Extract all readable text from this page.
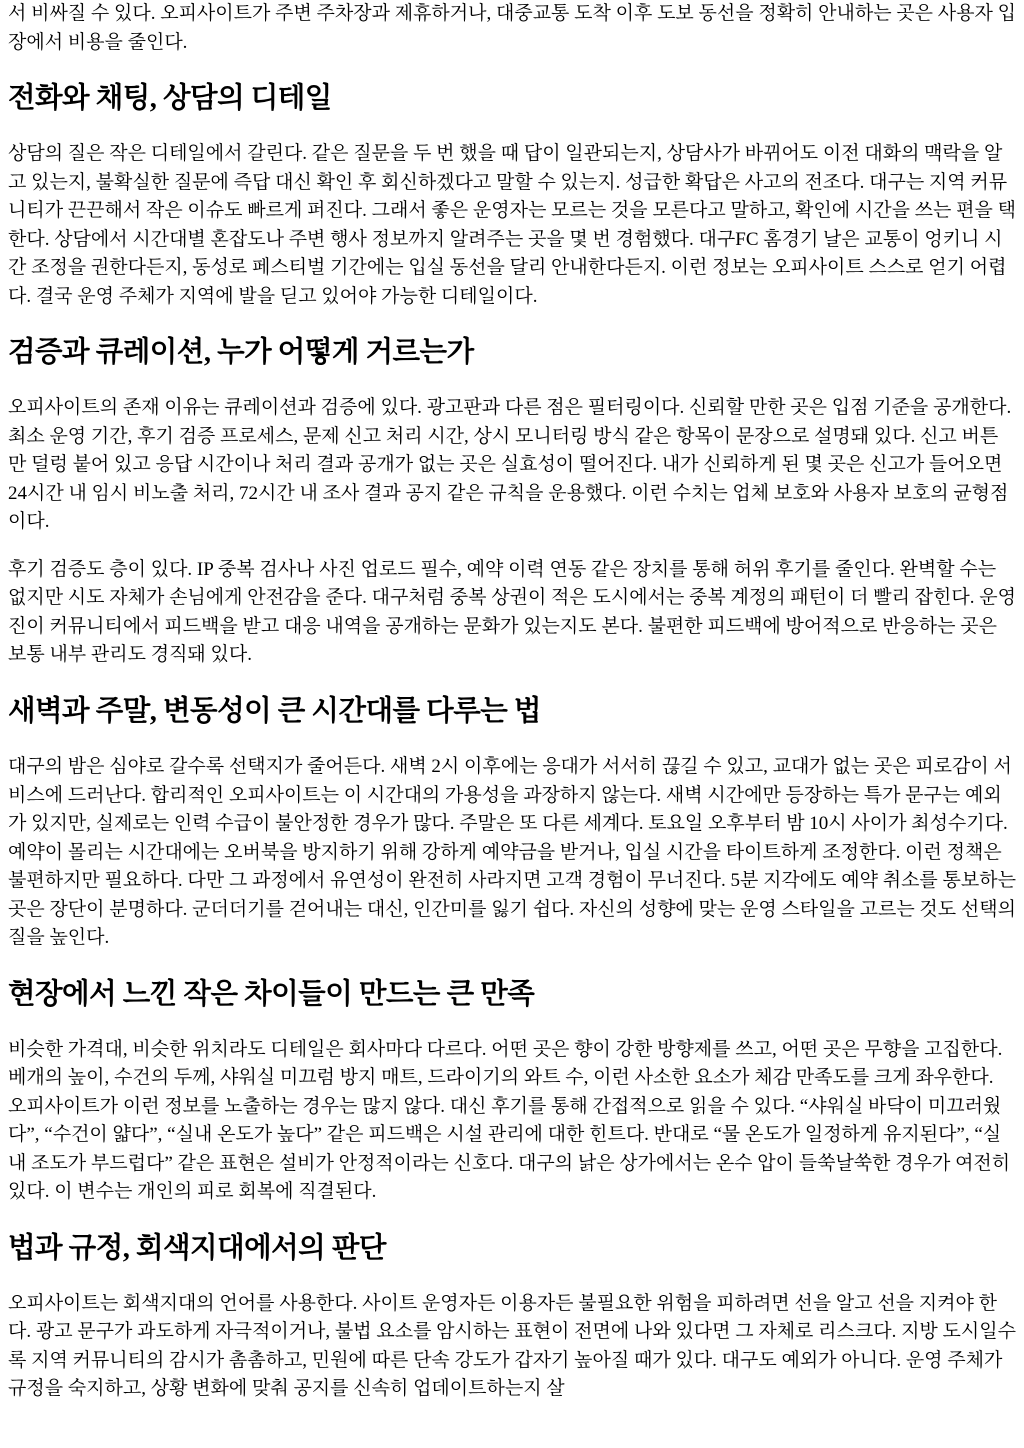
서 비싸질 수 있다. 오피사이트가 주변 주차장과 제휴하거나, 대중교통 도착 이후 도보 동선을 정확히 안내하는 곳은 사용자 입장에서 비용을 줄인다.

전화와 채팅, 상담의 디테일

상담의 질은 작은 디테일에서 갈린다. 같은 질문을 두 번 했을 때 답이 일관되는지, 상담사가 바뀌어도 이전 대화의 맥락을 알고 있는지, 불확실한 질문에 즉답 대신 확인 후 회신하겠다고 말할 수 있는지. 성급한 확답은 사고의 전조다. 대구는 지역 커뮤니티가 끈끈해서 작은 이슈도 빠르게 퍼진다. 그래서 좋은 운영자는 모르는 것을 모른다고 말하고, 확인에 시간을 쓰는 편을 택한다. 상담에서 시간대별 혼잡도나 주변 행사 정보까지 알려주는 곳을 몇 번 경험했다. 대구FC 홈경기 날은 교통이 엉키니 시간 조정을 권한다든지, 동성로 페스티벌 기간에는 입실 동선을 달리 안내한다든지. 이런 정보는 오피사이트 스스로 얻기 어렵다. 결국 운영 주체가 지역에 발을 딛고 있어야 가능한 디테일이다.

검증과 큐레이션, 누가 어떻게 거르는가

오피사이트의 존재 이유는 큐레이션과 검증에 있다. 광고판과 다른 점은 필터링이다. 신뢰할 만한 곳은 입점 기준을 공개한다. 최소 운영 기간, 후기 검증 프로세스, 문제 신고 처리 시간, 상시 모니터링 방식 같은 항목이 문장으로 설명돼 있다. 신고 버튼만 덜렁 붙어 있고 응답 시간이나 처리 결과 공개가 없는 곳은 실효성이 떨어진다. 내가 신뢰하게 된 몇 곳은 신고가 들어오면 24시간 내 임시 비노출 처리, 72시간 내 조사 결과 공지 같은 규칙을 운용했다. 이런 수치는 업체 보호와 사용자 보호의 균형점이다.

후기 검증도 층이 있다. IP 중복 검사나 사진 업로드 필수, 예약 이력 연동 같은 장치를 통해 허위 후기를 줄인다. 완벽할 수는 없지만 시도 자체가 손님에게 안전감을 준다. 대구처럼 중복 상권이 적은 도시에서는 중복 계정의 패턴이 더 빨리 잡힌다. 운영진이 커뮤니티에서 피드백을 받고 대응 내역을 공개하는 문화가 있는지도 본다. 불편한 피드백에 방어적으로 반응하는 곳은 보통 내부 관리도 경직돼 있다.

새벽과 주말, 변동성이 큰 시간대를 다루는 법

대구의 밤은 심야로 갈수록 선택지가 줄어든다. 새벽 2시 이후에는 응대가 서서히 끊길 수 있고, 교대가 없는 곳은 피로감이 서비스에 드러난다. 합리적인 오피사이트는 이 시간대의 가용성을 과장하지 않는다. 새벽 시간에만 등장하는 특가 문구는 예외가 있지만, 실제로는 인력 수급이 불안정한 경우가 많다. 주말은 또 다른 세계다. 토요일 오후부터 밤 10시 사이가 최성수기다. 예약이 몰리는 시간대에는 오버북을 방지하기 위해 강하게 예약금을 받거나, 입실 시간을 타이트하게 조정한다. 이런 정책은 불편하지만 필요하다. 다만 그 과정에서 유연성이 완전히 사라지면 고객 경험이 무너진다. 5분 지각에도 예약 취소를 통보하는 곳은 장단이 분명하다. 군더더기를 걷어내는 대신, 인간미를 잃기 쉽다. 자신의 성향에 맞는 운영 스타일을 고르는 것도 선택의 질을 높인다.

현장에서 느낀 작은 차이들이 만드는 큰 만족

비슷한 가격대, 비슷한 위치라도 디테일은 회사마다 다르다. 어떤 곳은 향이 강한 방향제를 쓰고, 어떤 곳은 무향을 고집한다. 베개의 높이, 수건의 두께, 샤워실 미끄럼 방지 매트, 드라이기의 와트 수, 이런 사소한 요소가 체감 만족도를 크게 좌우한다. 오피사이트가 이런 정보를 노출하는 경우는 많지 않다. 대신 후기를 통해 간접적으로 읽을 수 있다. “샤워실 바닥이 미끄러웠다”, “수건이 얇다”, “실내 온도가 높다” 같은 피드백은 시설 관리에 대한 힌트다. 반대로 “물 온도가 일정하게 유지된다”, “실내 조도가 부드럽다” 같은 표현은 설비가 안정적이라는 신호다. 대구의 낡은 상가에서는 온수 압이 들쑥날쑥한 경우가 여전히 있다. 이 변수는 개인의 피로 회복에 직결된다.

법과 규정, 회색지대에서의 판단

오피사이트는 회색지대의 언어를 사용한다. 사이트 운영자든 이용자든 불필요한 위험을 피하려면 선을 알고 선을 지켜야 한다. 광고 문구가 과도하게 자극적이거나, 불법 요소를 암시하는 표현이 전면에 나와 있다면 그 자체로 리스크다. 지방 도시일수록 지역 커뮤니티의 감시가 촘촘하고, 민원에 따른 단속 강도가 갑자기 높아질 때가 있다. 대구도 예외가 아니다. 운영 주체가 규정을 숙지하고, 상황 변화에 맞춰 공지를 신속히 업데이트하는지 살
